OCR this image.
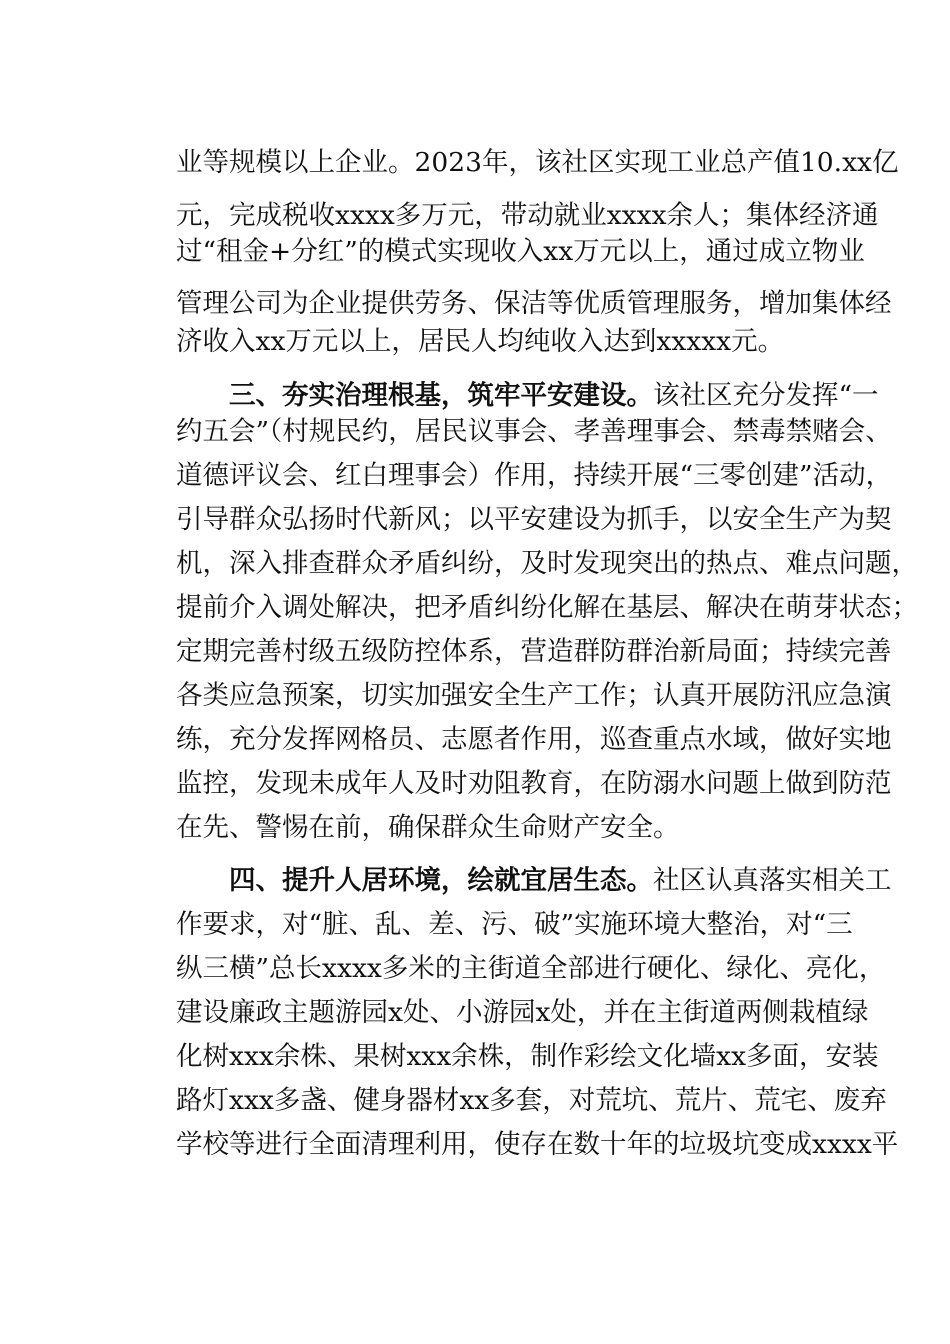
业等规模以上企业。2023年，该社区实现工业总产值10.xx亿
元，完成税收xxxx多万元，带动就业xxxx余人；集体经济通
过“租金+分红”的模式实现收入xx万元以上，通过成立物业
管理公司为企业提供劳务、保洁等优质管理服务，增加集体经
济收入xx万元以上，居民人均纯收入达到xxxxx元。
三、夯实治理根基，筑牢平安建设。该社区充分发挥“一
约五会”（村规民约，居民议事会、孝善理事会、禁毒禁赌会、
道德评议会、红白理事会）作用，持续开展“三零创建”活动，
引导群众弘扬时代新风；以平安建设为抓手，以安全生产为契
机，深入排查群众矛盾纠纷，及时发现突出的热点、难点问题，
提前介入调处解决，把矛盾纠纷化解在基层、解决在萌芽状态；
定期完善村级五级防控体系，营造群防群治新局面；持续完善
各类应急预案，切实加强安全生产工作；认真开展防汛应急演
练，充分发挥网格员、志愿者作用，巡查重点水域，做好实地
监控，发现未成年人及时劝阻教育，在防溺水问题上做到防范
在先、警惕在前，确保群众生命财产安全。
四、提升人居环境，绘就宜居生态。社区认真落实相关工
作要求，对“脏、乱、差、污、破”实施环境大整治，对“三
纵三横”总长xxxx多米的主街道全部进行硬化、绿化、亮化，
建设廉政主题游园x处、小游园x处，并在主街道两侧栽植绿
化树xxx余株、果树xxx余株，制作彩绘文化墙xx多面，安装
路灯xxx多盏、健身器材xx多套，对荒坑、荒片、荒宅、废弃
学校等进行全面清理利用，使存在数十年的垃圾坑变成xxxx平
